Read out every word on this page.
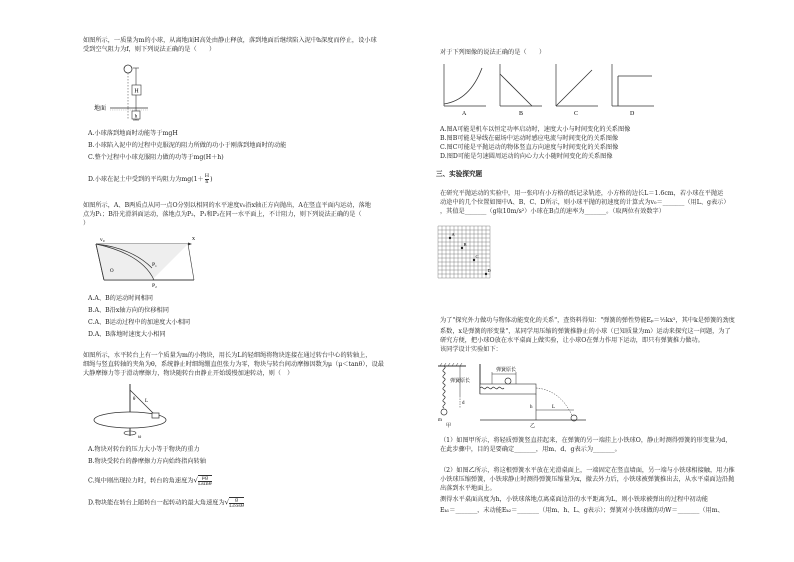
如图所示，一质量为m的小球，从离地面H高处由静止释放，落到地面后继续陷入泥中h深度而停止，设小球
受到空气阻力为f，则下列说法正确的是（　　）
H
h
地面
A.小球落到地面时动能等于mgH
B.小球陷入泥中的过程中克服泥的阻力所做的功小于刚落到地面时的动能
C.整个过程中小球克服阻力做的功等于mg(H＋h)
D.小球在泥土中受到的平均阻力为$mg(1+ \frac{H}{h}$ )
如图所示，A、B两质点从同一点O分别以相同的水平速度v₀沿x轴正方向抛出，A在竖直平面内运动，落地
点为P₁；B沿光滑斜面运动，落地点为P₂，P₁和P₂在同一水平面上，不计阻力，则下列说法正确的是（
）
x
v₀
P₁
P₂
O
A.A、B的运动时间相同
B.A、B沿x轴方向的位移相同
C.A、B运动过程中的加速度大小相同
D.A、B落地时速度大小相同
如图所示，水平转台上有一个质量为m的小物块，用长为L的轻细绳将物块连接在通过转台中心的转轴上，
细绳与竖直转轴的夹角为θ，系统静止时细绳绷直但张力为零，物块与转台间动摩擦因数为μ（μ＜tanθ），设最
大静摩擦力等于滑动摩擦力，物块随转台由静止开始缓慢加速转动，则（　）
θ L
ω
A.物块对转台的压力大小等于物块的重力
B.物块受转台的静摩擦力方向始终指向转轴
C.绳中刚出现拉力时，转台的角速度为√ $\frac{\mu g}{Lsin\theta}$
D.物块能在转台上随转台一起转动的最大角速度为√ $\frac{g}{Lcos\theta}$
对于下列图像的说法正确的是（　　）
A	B	C	D
A.图A可能是机车以恒定功率启动时，速度大小与时间变化的关系图像
B.图B可能是导线在磁场中运动时感应电流与时间变化的关系图像
C.图C可能是平抛运动的物体竖直方向速度与时间变化的关系图像
D.图D可能是匀速圆周运动的向心力大小随时间变化的关系图像
三、实验探究题
在研究平抛运动的实验中，用一张印有小方格的纸记录轨迹，小方格的边长L＝1.6cm，若小球在平抛运
动途中的几个位置如图中A、B、C、D所示，则小球平抛的初速度的计算式为v₀＝_______（用L、g表示）
，其值是_______（g取10m/s²）小球在B点的速率为_______。（取两位有效数字）
A
B
C
D
为了"探究外力做功与物体动能变化的关系"，查资料得知："弹簧的弹性势能Eₚ＝½kx²，其中k是弹簧的劲度
系数，x是弹簧的形变量"，某同学用压缩的弹簧推静止的小球（已知质量为m）运动来探究这一问题，为了
研究方便，把小球O放在水平桌面上做实验，让小球O在弹力作用下运动，即只有弹簧推力做功。
该同学设计实验如下：
m
弹簧原长
d
甲
弹簧原长
L
h
乙
（1）如图甲所示，将轻质弹簧竖直挂起来，在弹簧的另一端挂上小铁球O，静止时测得弹簧的形变量为d，
在此步骤中，目的是要确定_______，用m、d、g表示为_______。
（2）如图乙所示，将这根弹簧水平放在光滑桌面上，一端固定在竖直墙面，另一端与小铁球相接触，用力推
小铁球压缩弹簧，小铁球静止时测得弹簧压缩量为x，撤去外力后，小铁球被弹簧推出去，从水平桌面边沿抛
出落到水平地面上。
测得水平桌面高度为h，小铁球落地点离桌面边沿的水平距离为L，则小铁球被弹出的过程中初动能
Eₖ₁＝_______，末动能Eₖ₂＝_______（用m、h、L、g表示）；弹簧对小铁球做的功W＝_______（用m、
